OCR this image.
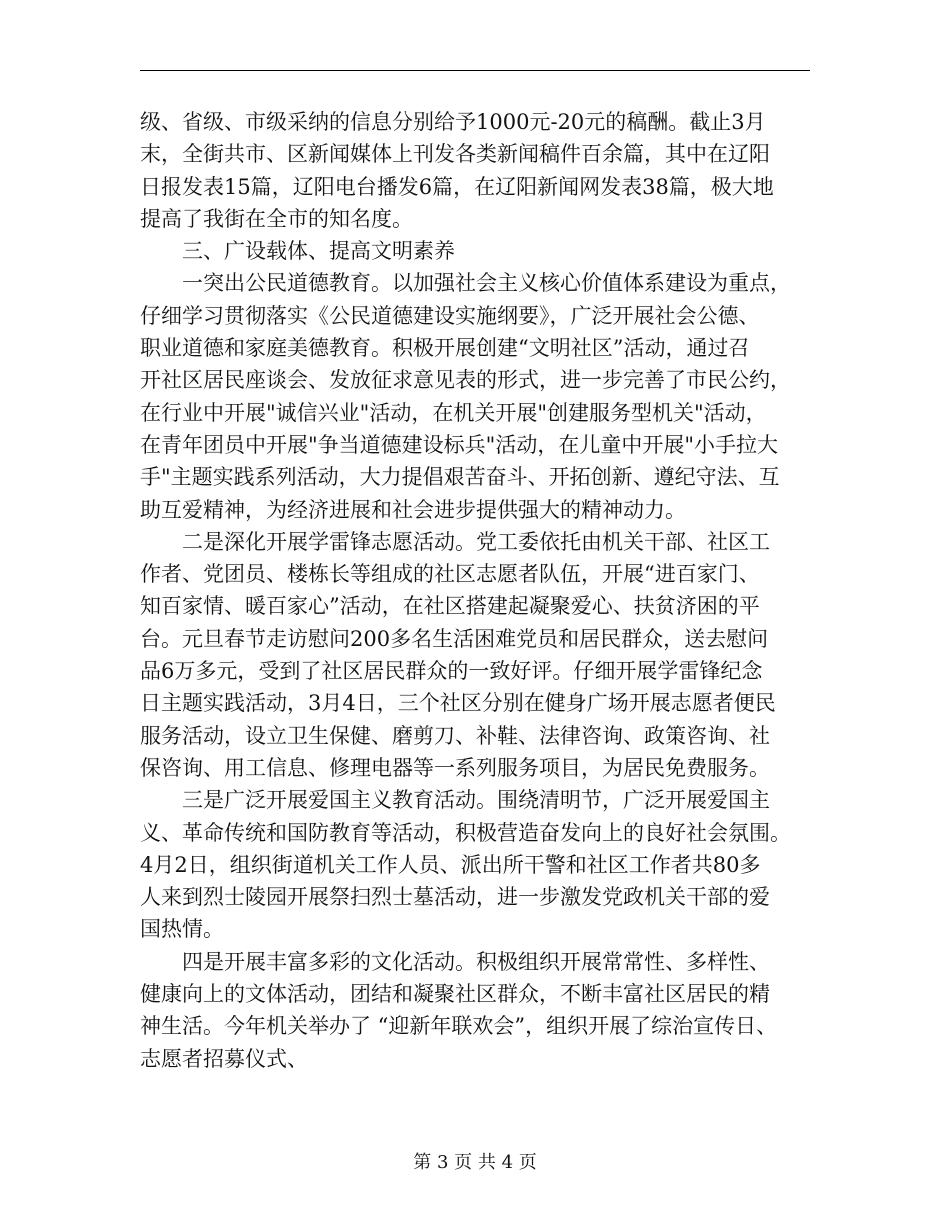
级、省级、市级采纳的信息分别给予1000元-20元的稿酬。截止3月
末，全街共市、区新闻媒体上刊发各类新闻稿件百余篇，其中在辽阳
日报发表15篇，辽阳电台播发6篇，在辽阳新闻网发表38篇，极大地
提高了我街在全市的知名度。
三、广设载体、提高文明素养
一突出公民道德教育。以加强社会主义核心价值体系建设为重点，
仔细学习贯彻落实《公民道德建设实施纲要》，广泛开展社会公德、
职业道德和家庭美德教育。积极开展创建“文明社区”活动，通过召
开社区居民座谈会、发放征求意见表的形式，进一步完善了市民公约，
在行业中开展"诚信兴业"活动，在机关开展"创建服务型机关"活动，
在青年团员中开展"争当道德建设标兵"活动，在儿童中开展"小手拉大
手"主题实践系列活动，大力提倡艰苦奋斗、开拓创新、遵纪守法、互
助互爱精神，为经济进展和社会进步提供强大的精神动力。
二是深化开展学雷锋志愿活动。党工委依托由机关干部、社区工
作者、党团员、楼栋长等组成的社区志愿者队伍，开展“进百家门、
知百家情、暖百家心”活动，在社区搭建起凝聚爱心、扶贫济困的平
台。元旦春节走访慰问200多名生活困难党员和居民群众，送去慰问
品6万多元，受到了社区居民群众的一致好评。仔细开展学雷锋纪念
日主题实践活动，3月4日，三个社区分别在健身广场开展志愿者便民
服务活动，设立卫生保健、磨剪刀、补鞋、法律咨询、政策咨询、社
保咨询、用工信息、修理电器等一系列服务项目，为居民免费服务。
三是广泛开展爱国主义教育活动。围绕清明节，广泛开展爱国主
义、革命传统和国防教育等活动，积极营造奋发向上的良好社会氛围。
4月2日，组织街道机关工作人员、派出所干警和社区工作者共80多
人来到烈士陵园开展祭扫烈士墓活动，进一步激发党政机关干部的爱
国热情。
四是开展丰富多彩的文化活动。积极组织开展常常性、多样性、
健康向上的文体活动，团结和凝聚社区群众，不断丰富社区居民的精
神生活。今年机关举办了 “迎新年联欢会”，组织开展了综治宣传日、
志愿者招募仪式、
第 3 页 共 4 页
